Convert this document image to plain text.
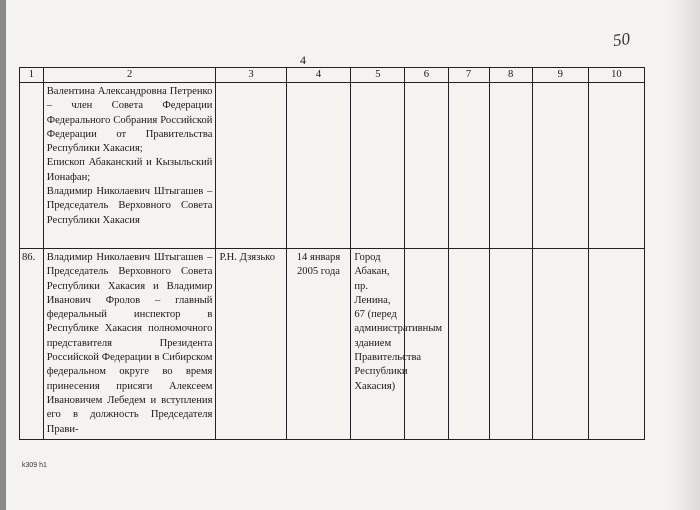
4
50
1	2	3	4	5	6	7	8	9	10

	Валентина Александровна Петренко – член Совета Федерации Федерального Собрания Российской Федерации от Правительства Республики Хакасия;

Епископ Абаканский и Кызыльский Ионафан;

Владимир Николаевич Штыгашев – Председатель Верховного Совета Республики Хакасия								

86.	Владимир Николаевич Штыгашев – Председатель Верховного Совета Республики Хакасия и Владимир Иванович Фролов – главный федеральный инспектор в Республике Хакасия полномочного представителя Президента Российской Федерации в Сибирском федеральном округе во время принесения присяги Алексеем Ивановичем Лебедем и вступления его в должность Председателя Прави-	Р.Н. Дзязько	14 января 2005 года	Город Абакан, пр. Ленина, 67 (перед административным зданием Правительства Республики Хакасия)					
k309 h1
